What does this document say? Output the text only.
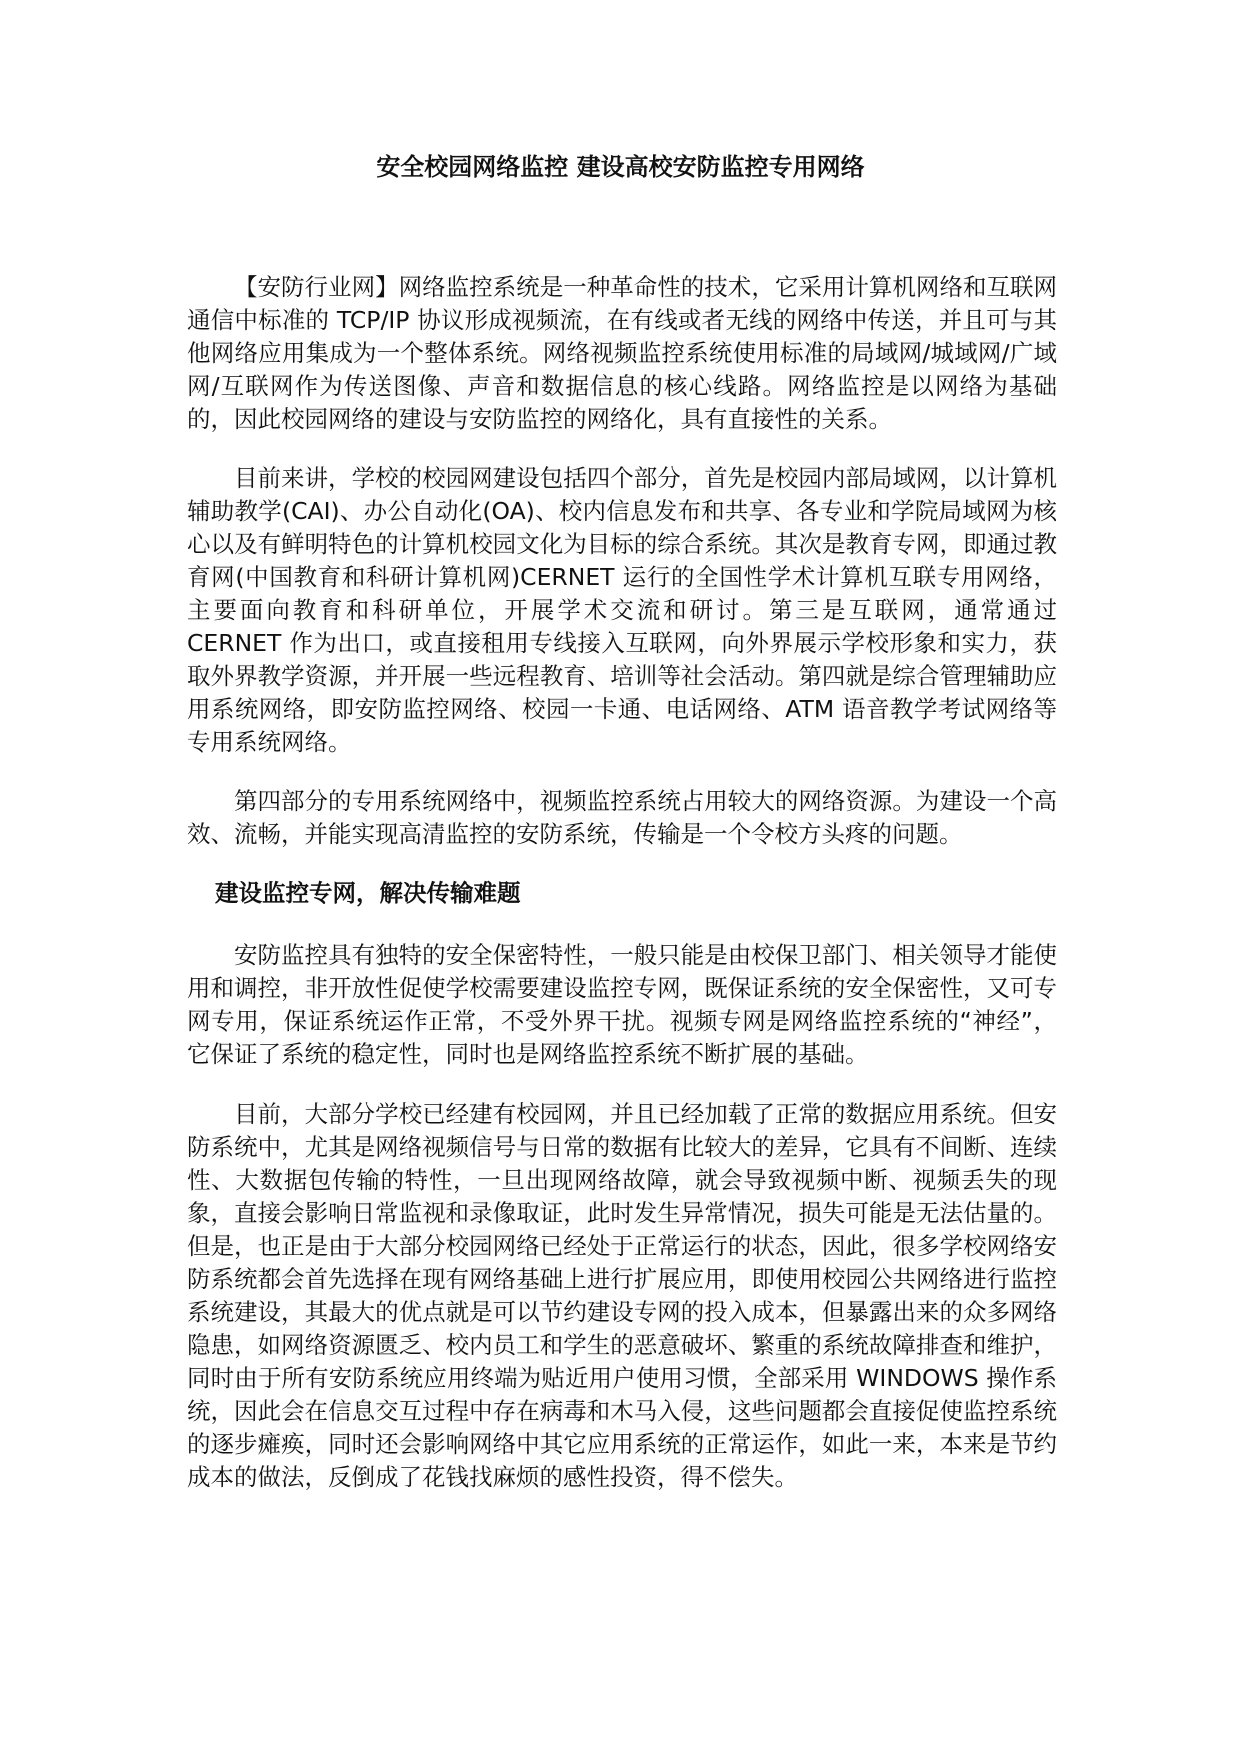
安全校园网络监控 建设高校安防监控专用网络

【安防行业网】网络监控系统是一种革命性的技术，它采用计算机网络和互联网通信中标准的 TCP/IP 协议形成视频流，在有线或者无线的网络中传送，并且可与其他网络应用集成为一个整体系统。网络视频监控系统使用标准的局域网/城域网/广域网/互联网作为传送图像、声音和数据信息的核心线路。网络监控是以网络为基础的，因此校园网络的建设与安防监控的网络化，具有直接性的关系。

目前来讲，学校的校园网建设包括四个部分，首先是校园内部局域网，以计算机辅助教学(CAI)、办公自动化(OA)、校内信息发布和共享、各专业和学院局域网为核心以及有鲜明特色的计算机校园文化为目标的综合系统。其次是教育专网，即通过教育网(中国教育和科研计算机网)CERNET 运行的全国性学术计算机互联专用网络，主要面向教育和科研单位，开展学术交流和研讨。第三是互联网，通常通过 CERNET 作为出口，或直接租用专线接入互联网，向外界展示学校形象和实力，获取外界教学资源，并开展一些远程教育、培训等社会活动。第四就是综合管理辅助应用系统网络，即安防监控网络、校园一卡通、电话网络、ATM 语音教学考试网络等专用系统网络。

第四部分的专用系统网络中，视频监控系统占用较大的网络资源。为建设一个高效、流畅，并能实现高清监控的安防系统，传输是一个令校方头疼的问题。

建设监控专网，解决传输难题

安防监控具有独特的安全保密特性，一般只能是由校保卫部门、相关领导才能使用和调控，非开放性促使学校需要建设监控专网，既保证系统的安全保密性，又可专网专用，保证系统运作正常，不受外界干扰。视频专网是网络监控系统的“神经”，它保证了系统的稳定性，同时也是网络监控系统不断扩展的基础。

目前，大部分学校已经建有校园网，并且已经加载了正常的数据应用系统。但安防系统中，尤其是网络视频信号与日常的数据有比较大的差异，它具有不间断、连续性、大数据包传输的特性，一旦出现网络故障，就会导致视频中断、视频丢失的现象，直接会影响日常监视和录像取证，此时发生异常情况，损失可能是无法估量的。但是，也正是由于大部分校园网络已经处于正常运行的状态，因此，很多学校网络安防系统都会首先选择在现有网络基础上进行扩展应用，即使用校园公共网络进行监控系统建设，其最大的优点就是可以节约建设专网的投入成本，但暴露出来的众多网络隐患，如网络资源匮乏、校内员工和学生的恶意破坏、繁重的系统故障排查和维护，同时由于所有安防系统应用终端为贴近用户使用习惯，全部采用 WINDOWS 操作系统，因此会在信息交互过程中存在病毒和木马入侵，这些问题都会直接促使监控系统的逐步瘫痪，同时还会影响网络中其它应用系统的正常运作，如此一来，本来是节约成本的做法，反倒成了花钱找麻烦的感性投资，得不偿失。
